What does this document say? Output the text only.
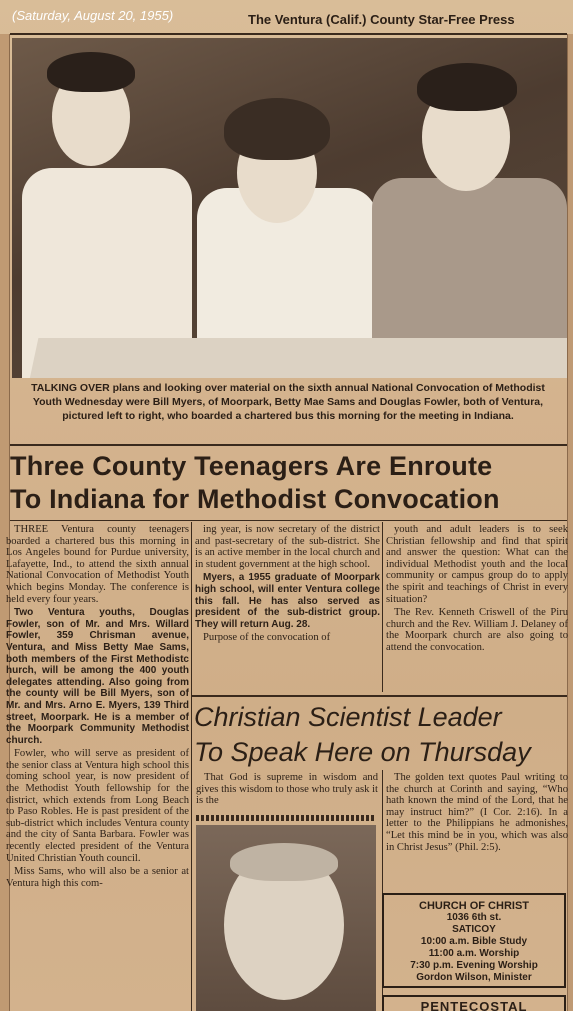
(Saturday, August 20, 1955)	The Ventura (Calif.) County Star-Free Press
TALKING OVER plans and looking over material on the sixth annual National Convocation of Methodist Youth Wednesday were Bill Myers, of Moorpark, Betty Mae Sams and Douglas Fowler, both of Ventura, pictured left to right, who boarded a chartered bus this morning for the meeting in Indiana.
Three County Teenagers Are Enroute
To Indiana for Methodist Convocation

THREE Ventura county teenagers boarded a chartered bus this morning in Los Angeles bound for Purdue university, Lafayette, Ind., to attend the sixth annual National Convocation of Methodist Youth which begins Monday. The conference is held every four years.

Two Ventura youths, Douglas Fowler, son of Mr. and Mrs. Willard Fowler, 359 Chrisman avenue, Ventura, and Miss Betty Mae Sams, both members of the First Methodistc hurch, will be among the 400 youth delegates attending. Also going from the county will be Bill Myers, son of Mr. and Mrs. Arno E. Myers, 139 Third street, Moorpark. He is a member of the Moorpark Community Methodist church.

Fowler, who will serve as president of the senior class at Ventura high school this coming school year, is now president of the Methodist Youth fellowship for the district, which extends from Long Beach to Paso Robles. He is past president of the sub-district which includes Ventura county and the city of Santa Barbara. Fowler was recently elected president of the Ventura United Christian Youth council.

Miss Sams, who will also be a senior at Ventura high this com-

ing year, is now secretary of the district and past-secretary of the sub-district. She is an active member in the local church and in student government at the high school.

Myers, a 1955 graduate of Moorpark high school, will enter Ventura college this fall. He has also served as president of the sub-district group. They will return Aug. 28.

Purpose of the convocation of

youth and adult leaders is to seek Christian fellowship and find that spirit and answer the question: What can the individual Methodist youth and the local community or campus group do to apply the spirit and teachings of Christ in every situation?

The Rev. Kenneth Criswell of the Piru church and the Rev. William J. Delaney of the Moorpark church are also going to attend the convocation.

Christian Scientist Leader
To Speak Here on Thursday

That God is supreme in wisdom and gives this wisdom to those who truly ask it is the

The golden text quotes Paul writing to the church at Corinth and saying, “Who hath known the mind of the Lord, that he may instruct him?” (I Cor. 2:16). In a letter to the Philippians he admonishes, “Let this mind be in you, which was also in Christ Jesus” (Phil. 2:5).

CHURCH OF CHRIST
1036 6th st.
SATICOY
10:00 a.m. Bible Study
11:00 a.m. Worship
7:30 p.m. Evening Worship
Gordon Wilson, Minister
PENTECOSTAL
